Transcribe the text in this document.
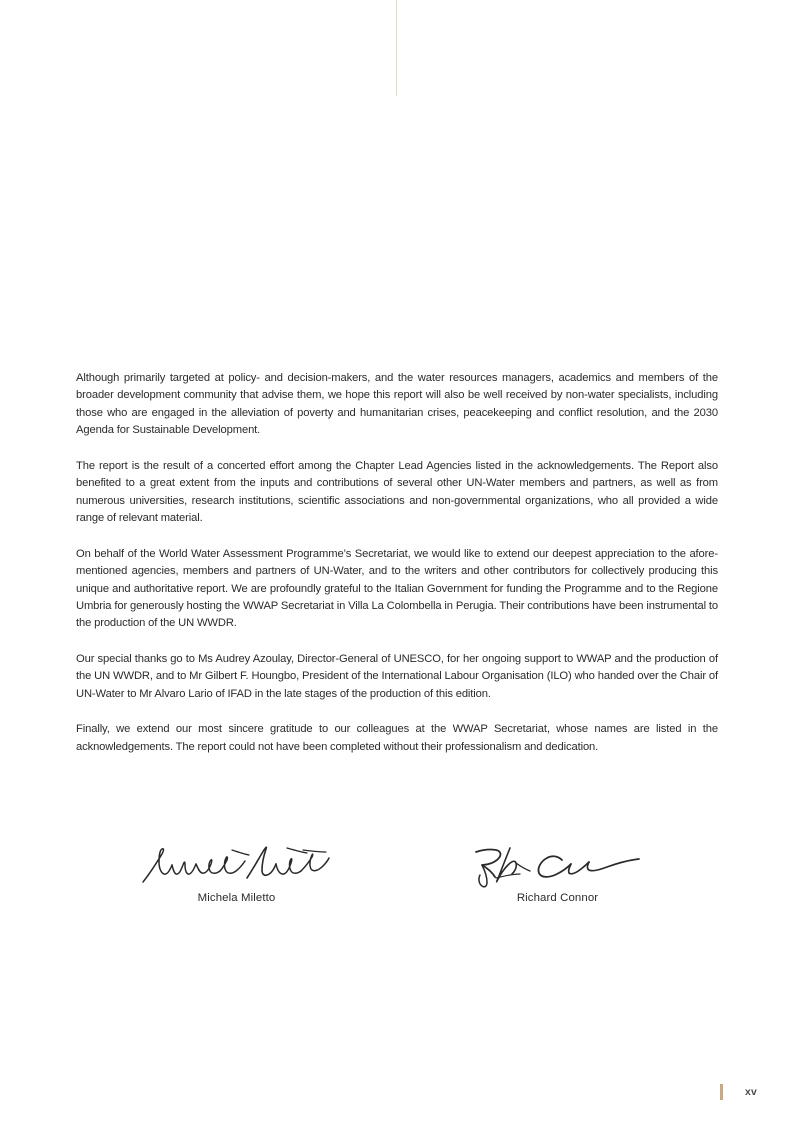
Although primarily targeted at policy- and decision-makers, and the water resources managers, academics and members of the broader development community that advise them, we hope this report will also be well received by non-water specialists, including those who are engaged in the alleviation of poverty and humanitarian crises, peacekeeping and conflict resolution, and the 2030 Agenda for Sustainable Development.

The report is the result of a concerted effort among the Chapter Lead Agencies listed in the acknowledgements. The Report also benefited to a great extent from the inputs and contributions of several other UN-Water members and partners, as well as from numerous universities, research institutions, scientific associations and non-governmental organizations, who all provided a wide range of relevant material.

On behalf of the World Water Assessment Programme’s Secretariat, we would like to extend our deepest appreciation to the afore-mentioned agencies, members and partners of UN-Water, and to the writers and other contributors for collectively producing this unique and authoritative report. We are profoundly grateful to the Italian Government for funding the Programme and to the Regione Umbria for generously hosting the WWAP Secretariat in Villa La Colombella in Perugia. Their contributions have been instrumental to the production of the UN WWDR.

Our special thanks go to Ms Audrey Azoulay, Director-General of UNESCO, for her ongoing support to WWAP and the production of the UN WWDR, and to Mr Gilbert F. Houngbo, President of the International Labour Organisation (ILO) who handed over the Chair of UN-Water to Mr Alvaro Lario of IFAD in the late stages of the production of this edition.

Finally, we extend our most sincere gratitude to our colleagues at the WWAP Secretariat, whose names are listed in the acknowledgements. The report could not have been completed without their professionalism and dedication.

Michela Miletto	Richard Connor
xv
